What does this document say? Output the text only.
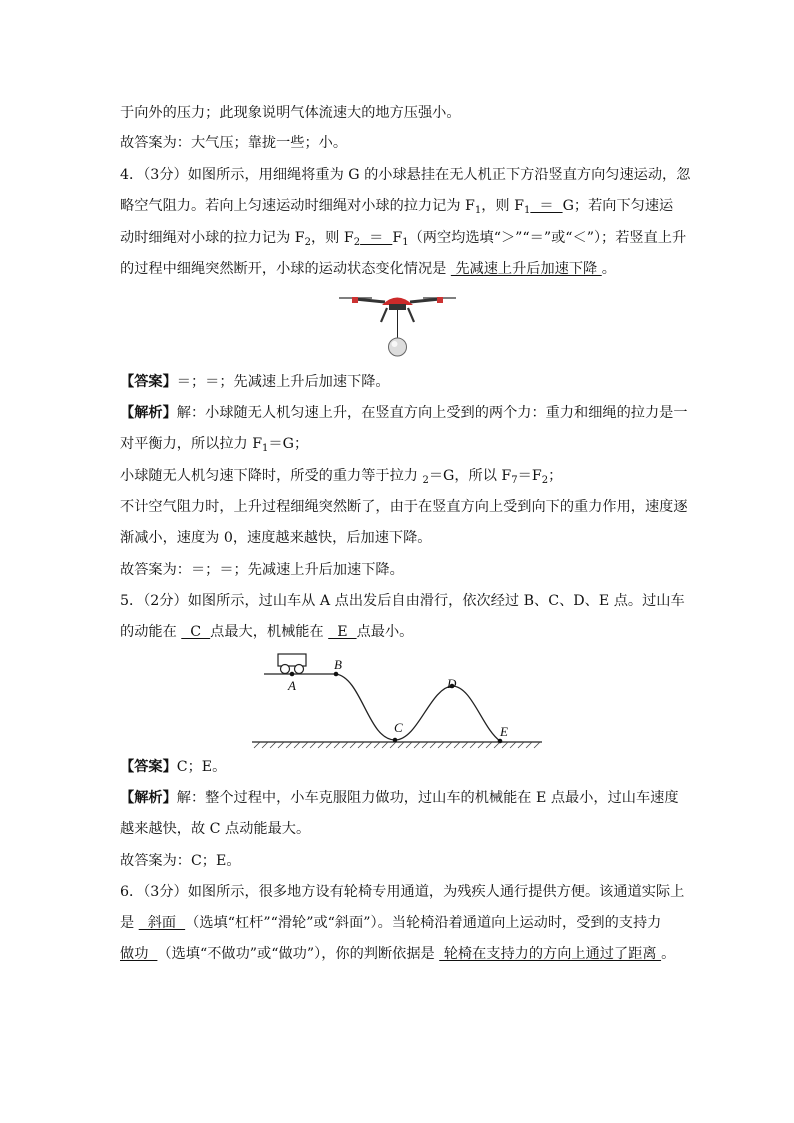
于向外的压力；此现象说明气体流速大的地方压强小。
故答案为：大气压；靠拢一些；小。
4．（3分）如图所示，用细绳将重为 G 的小球悬挂在无人机正下方沿竖直方向匀速运动，忽
略空气阻力。若向上匀速运动时细绳对小球的拉力记为 $F_1$，则 $F_1 = G$；若向下匀速运
动时细绳对小球的拉力记为 $F_2$，则 $F_2 = F_1$（两空均选填“＞”“＝”或“＜”）；若竖直上升
的过程中细绳突然断开，小球的运动状态变化情况是  先减速上升后加速下降 。
【答案】＝；＝；先减速上升后加速下降。
【解析】解：小球随无人机匀速上升，在竖直方向上受到的两个力：重力和细绳的拉力是一
对平衡力，所以拉力 $F_1=G$；
小球随无人机匀速下降时，所受的重力等于拉力 $_2$＝G，所以 $F_7=F_2$；
不计空气阻力时，上升过程细绳突然断了，由于在竖直方向上受到向下的重力作用，速度逐
渐减小，速度为 0，速度越来越快，后加速下降。
故答案为：＝；＝；先减速上升后加速下降。
5．（2分）如图所示，过山车从 A 点出发后自由滑行，依次经过 B、C、D、E 点。过山车
的动能在   C  点最大，机械能在   E  点最小。
A
B
C
D
E
【答案】C；E。
【解析】解：整个过程中，小车克服阻力做功，过山车的机械能在 E 点最小，过山车速度
越来越快，故 C 点动能最大。
故答案为：C；E。
6．（3分）如图所示，很多地方设有轮椅专用通道，为残疾人通行提供方便。该通道实际上
是   斜面  （选填“杠杆”“滑轮”或“斜面”）。当轮椅沿着通道向上运动时，受到的支持力
做功  （选填“不做功”或“做功”），你的判断依据是  轮椅在支持力的方向上通过了距离 。
